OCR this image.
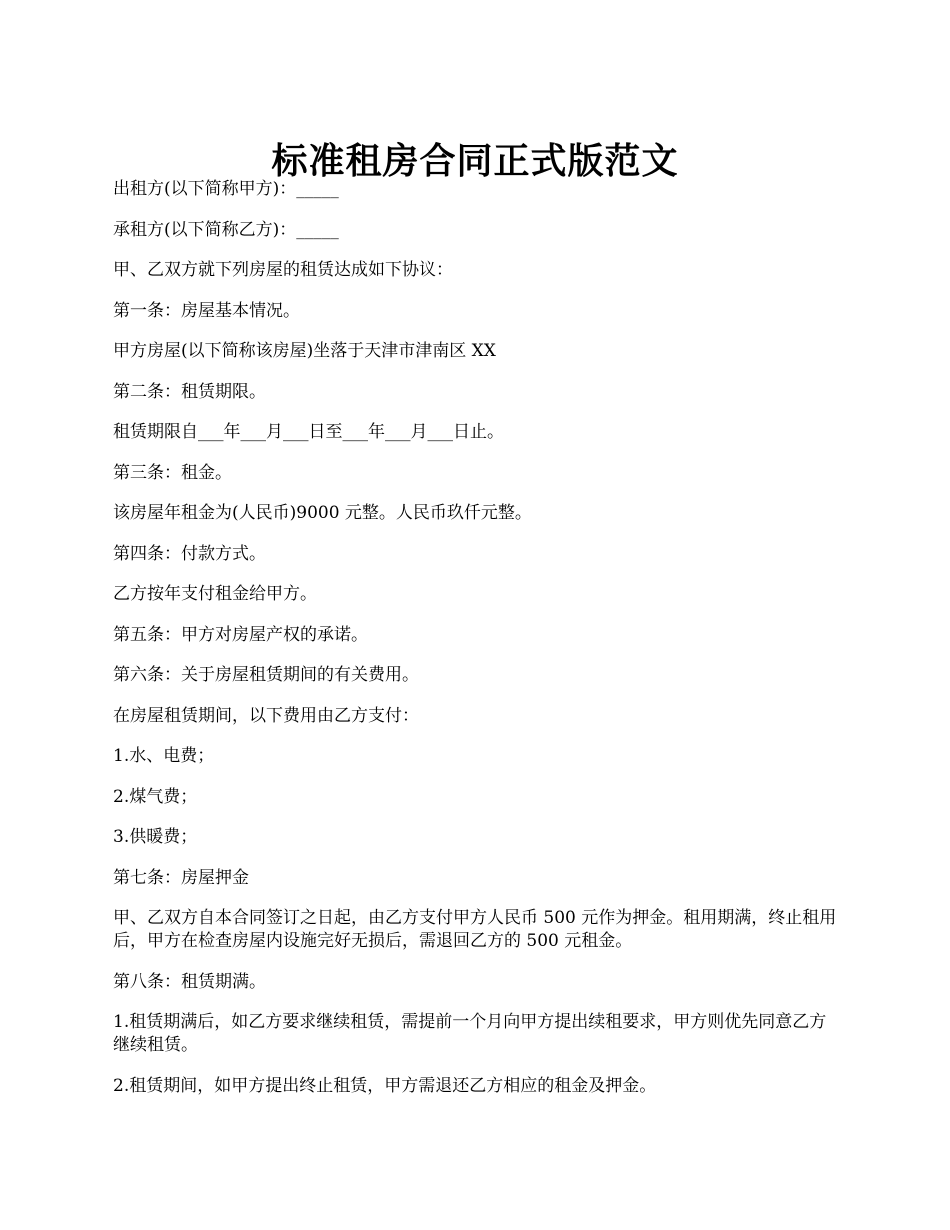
标准租房合同正式版范文

出租方(以下简称甲方)：_____

承租方(以下简称乙方)：_____

甲、乙双方就下列房屋的租赁达成如下协议：

第一条：房屋基本情况。

甲方房屋(以下简称该房屋)坐落于天津市津南区 XX

第二条：租赁期限。

租赁期限自___年___月___日至___年___月___日止。

第三条：租金。

该房屋年租金为(人民币)9000 元整。人民币玖仟元整。

第四条：付款方式。

乙方按年支付租金给甲方。

第五条：甲方对房屋产权的承诺。

第六条：关于房屋租赁期间的有关费用。

在房屋租赁期间，以下费用由乙方支付：

1.水、电费；

2.煤气费；

3.供暖费；

第七条：房屋押金

甲、乙双方自本合同签订之日起，由乙方支付甲方人民币 500 元作为押金。租用期满，终止租用后，甲方在检查房屋内设施完好无损后，需退回乙方的 500 元租金。

第八条：租赁期满。

1.租赁期满后，如乙方要求继续租赁，需提前一个月向甲方提出续租要求，甲方则优先同意乙方继续租赁。

2.租赁期间，如甲方提出终止租赁，甲方需退还乙方相应的租金及押金。
